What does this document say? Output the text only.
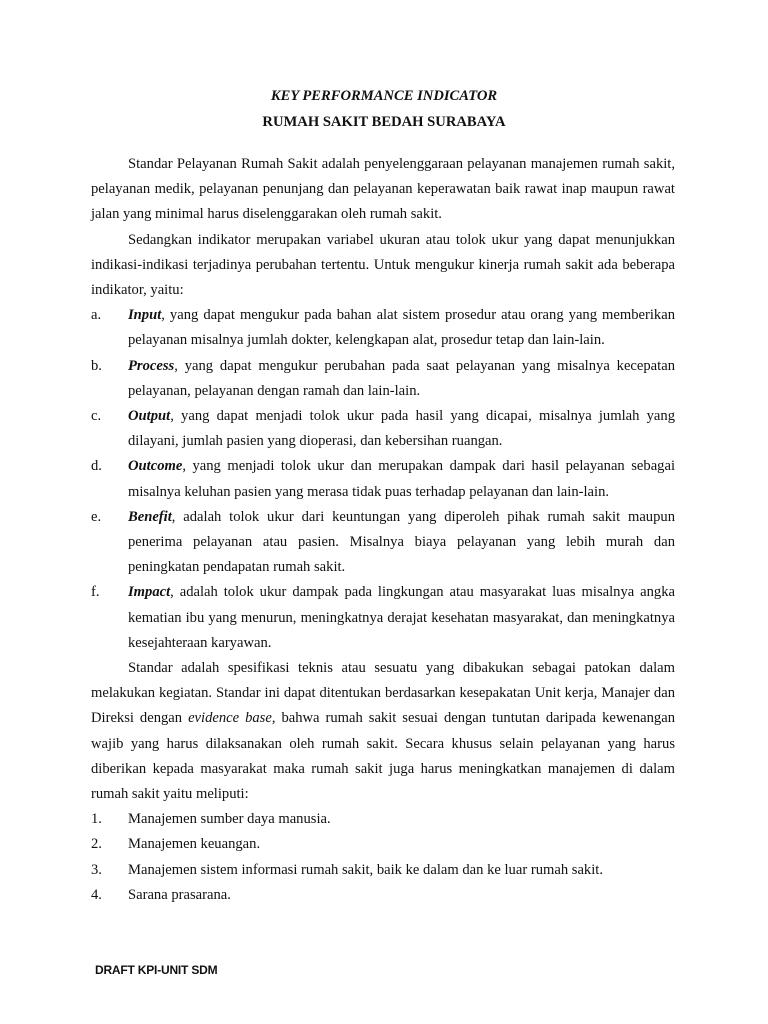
KEY PERFORMANCE INDICATOR
RUMAH SAKIT BEDAH SURABAYA

Standar Pelayanan Rumah Sakit adalah penyelenggaraan pelayanan manajemen rumah sakit, pelayanan medik, pelayanan penunjang dan pelayanan keperawatan baik rawat inap maupun rawat jalan yang minimal harus diselenggarakan oleh rumah sakit.

Sedangkan indikator merupakan variabel ukuran atau tolok ukur yang dapat menunjukkan indikasi-indikasi terjadinya perubahan tertentu. Untuk mengukur kinerja rumah sakit ada beberapa indikator, yaitu:

a.	Input, yang dapat mengukur pada bahan alat sistem prosedur atau orang yang memberikan pelayanan misalnya jumlah dokter, kelengkapan alat, prosedur tetap dan lain-lain.
b.	Process, yang dapat mengukur perubahan pada saat pelayanan yang misalnya kecepatan pelayanan, pelayanan dengan ramah dan lain-lain.
c.	Output, yang dapat menjadi tolok ukur pada hasil yang dicapai, misalnya jumlah yang dilayani, jumlah pasien yang dioperasi, dan kebersihan ruangan.
d.	Outcome, yang menjadi tolok ukur dan merupakan dampak dari hasil pelayanan sebagai misalnya keluhan pasien yang merasa tidak puas terhadap pelayanan dan lain-lain.
e.	Benefit, adalah tolok ukur dari keuntungan yang diperoleh pihak rumah sakit maupun penerima pelayanan atau pasien. Misalnya biaya pelayanan yang lebih murah dan peningkatan pendapatan rumah sakit.
f.	Impact, adalah tolok ukur dampak pada lingkungan atau masyarakat luas misalnya angka kematian ibu yang menurun, meningkatnya derajat kesehatan masyarakat, dan meningkatnya kesejahteraan karyawan.

Standar adalah spesifikasi teknis atau sesuatu yang dibakukan sebagai patokan dalam melakukan kegiatan. Standar ini dapat ditentukan berdasarkan kesepakatan Unit kerja, Manajer dan Direksi dengan evidence base, bahwa rumah sakit sesuai dengan tuntutan daripada kewenangan wajib yang harus dilaksanakan oleh rumah sakit. Secara khusus selain pelayanan yang harus diberikan kepada masyarakat maka rumah sakit juga harus meningkatkan manajemen di dalam rumah sakit yaitu meliputi:

1.	Manajemen sumber daya manusia.
2.	Manajemen keuangan.
3.	Manajemen sistem informasi rumah sakit, baik ke dalam dan ke luar rumah sakit.
4.	Sarana prasarana.
DRAFT KPI-UNIT SDM
